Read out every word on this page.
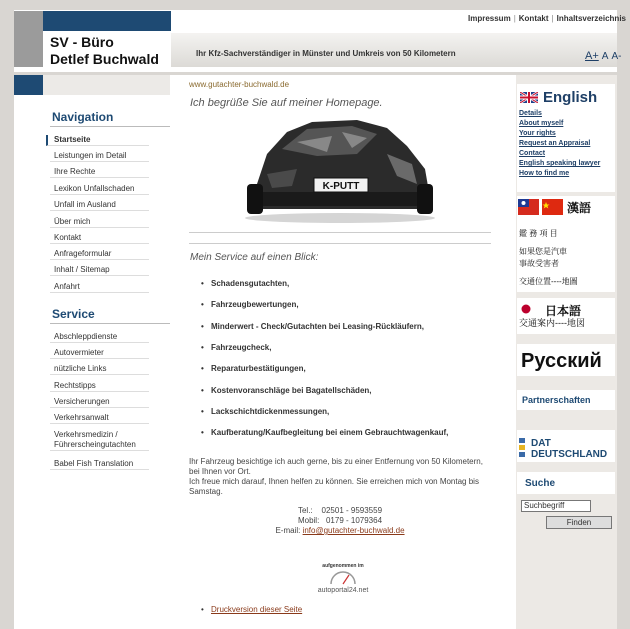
SV - Büro
Detlef Buchwald
Impressum | Kontakt | Inhaltsverzeichnis
Ihr Kfz-Sachverständiger in Münster und Umkreis von 50 Kilometern	A+ A A-
Navigation
Startseite
Leistungen im Detail
Ihre Rechte
Lexikon Unfallschaden
Unfall im Ausland
Über mich
Kontakt
Anfrageformular
Inhalt / Sitemap
Anfahrt
Service
Abschleppdienste
Autovermieter
nützliche Links
Rechtstipps
Versicherungen
Verkehrsanwalt
Verkehrsmedizin / Führerscheingutachten
Babel Fish Translation
www.gutachter-buchwald.de
Ich begrüße Sie auf meiner Homepage.
K-PUTT
Mein Service auf einen Blick:
• Schadensgutachten,
• Fahrzeugbewertungen,
• Minderwert - Check/Gutachten bei Leasing-Rückläufern,
• Fahrzeugcheck,
• Reparaturbestätigungen,
• Kostenvoranschläge bei Bagatellschäden,
• Lackschichtdickenmessungen,
• Kaufberatung/Kaufbegleitung bei einem Gebrauchtwagenkauf,
Ihr Fahrzeug besichtige ich auch gerne, bis zu einer Entfernung von 50 Kilometern, bei Ihnen vor Ort.
Ich freue mich darauf, Ihnen helfen zu können. Sie erreichen mich von Montag bis Samstag.
Tel.:    02501 - 9593559
Mobil:   0179 - 1079364
E-mail: info@gutachter-buchwald.de
aufgenommen im
autoportal24.net
• Druckversion dieser Seite
English
Details
About myself
Your rights
Request an Appraisal
Contact
English speaking lawyer
How to find me
漢語
鑑 務 項 目
如果您是汽車
事故受害者
交通位置----地圖
日本語
交通案内----地図
Русский
Partnerschaften
DAT
DEUTSCHLAND
Suche
Suchbegriff
Finden
